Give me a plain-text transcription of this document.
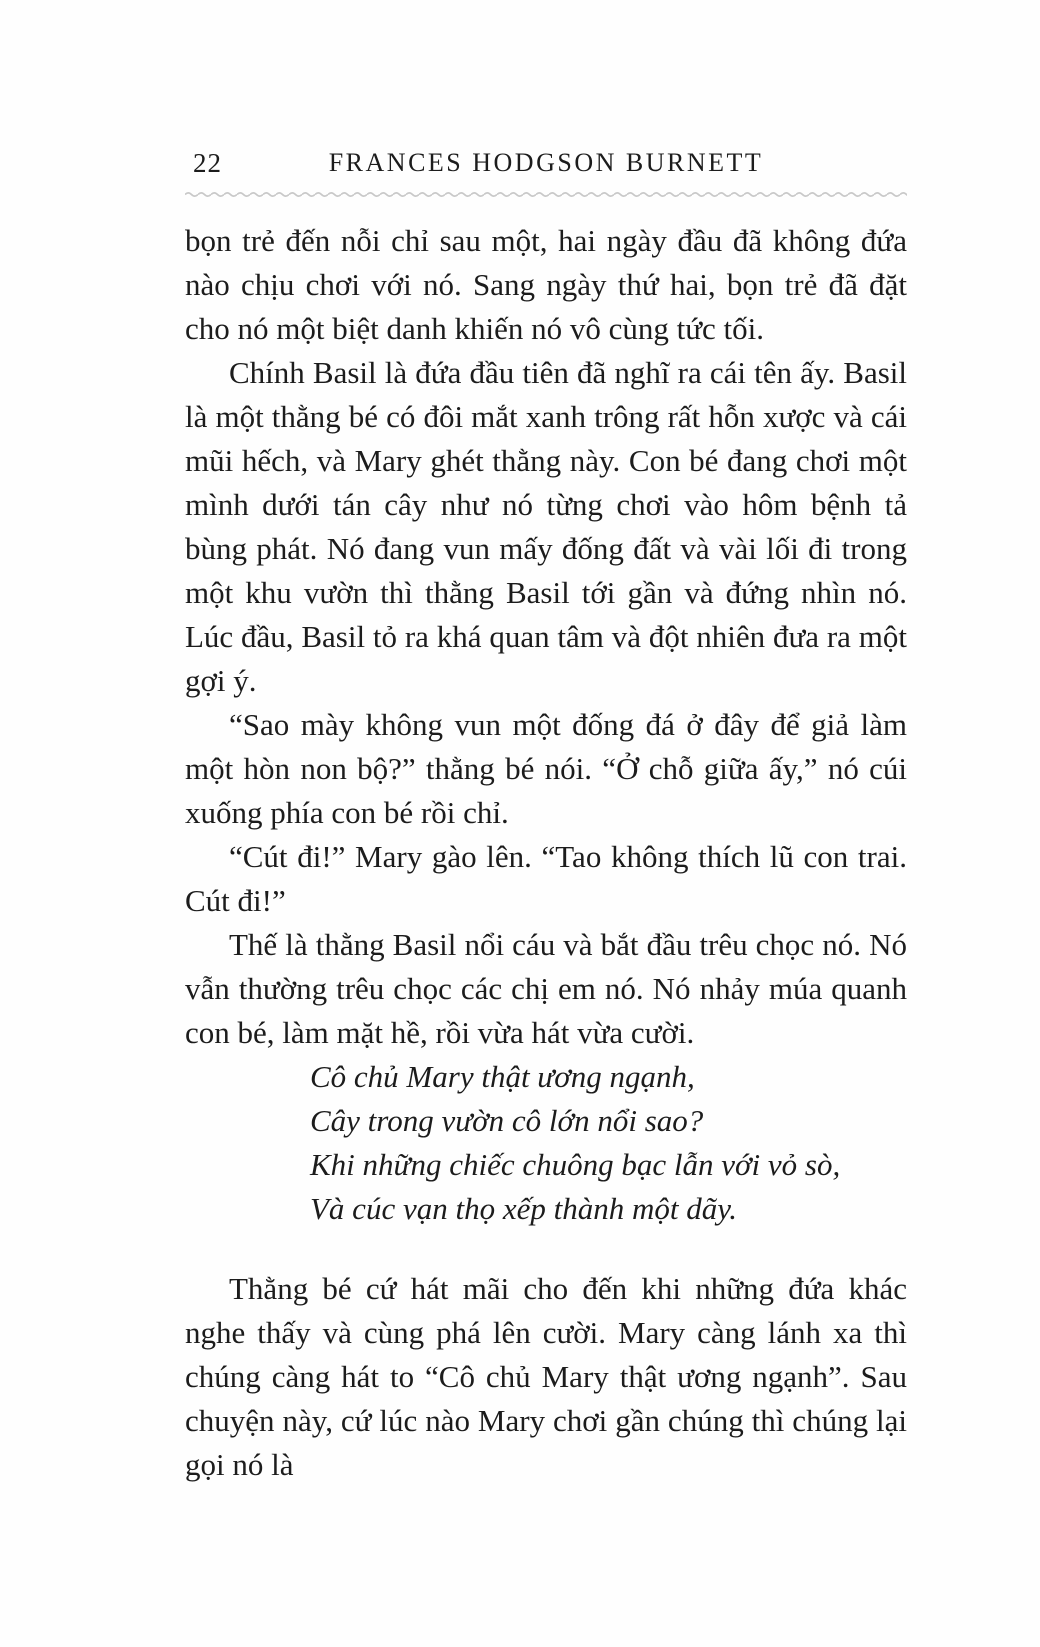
22	FRANCES HODGSON BURNETT

bọn trẻ đến nỗi chỉ sau một, hai ngày đầu đã không đứa nào chịu chơi với nó. Sang ngày thứ hai, bọn trẻ đã đặt cho nó một biệt danh khiến nó vô cùng tức tối.

Chính Basil là đứa đầu tiên đã nghĩ ra cái tên ấy. Basil là một thằng bé có đôi mắt xanh trông rất hỗn xược và cái mũi hếch, và Mary ghét thằng này. Con bé đang chơi một mình dưới tán cây như nó từng chơi vào hôm bệnh tả bùng phát. Nó đang vun mấy đống đất và vài lối đi trong một khu vườn thì thằng Basil tới gần và đứng nhìn nó. Lúc đầu, Basil tỏ ra khá quan tâm và đột nhiên đưa ra một gợi ý.

“Sao mày không vun một đống đá ở đây để giả làm một hòn non bộ?” thằng bé nói. “Ở chỗ giữa ấy,” nó cúi xuống phía con bé rồi chỉ.

“Cút đi!” Mary gào lên. “Tao không thích lũ con trai. Cút đi!”

Thế là thằng Basil nổi cáu và bắt đầu trêu chọc nó. Nó vẫn thường trêu chọc các chị em nó. Nó nhảy múa quanh con bé, làm mặt hề, rồi vừa hát vừa cười.

Cô chủ Mary thật ương ngạnh,
Cây trong vườn cô lớn nổi sao?
Khi những chiếc chuông bạc lẫn với vỏ sò,
Và cúc vạn thọ xếp thành một dãy.

Thằng bé cứ hát mãi cho đến khi những đứa khác nghe thấy và cùng phá lên cười. Mary càng lánh xa thì chúng càng hát to “Cô chủ Mary thật ương ngạnh”. Sau chuyện này, cứ lúc nào Mary chơi gần chúng thì chúng lại gọi nó là
